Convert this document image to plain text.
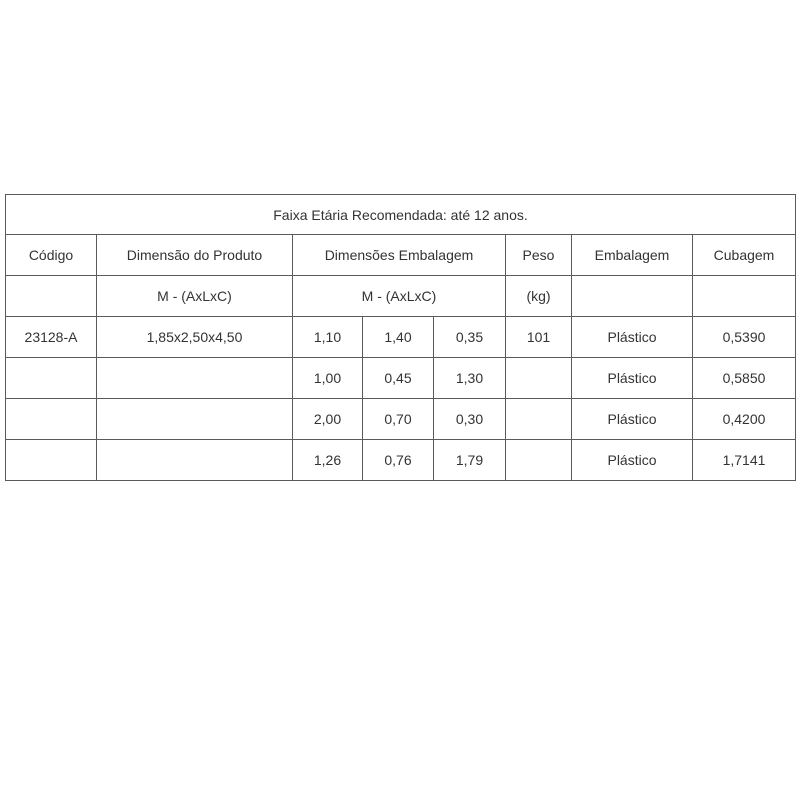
Faixa Etária Recomendada: até 12 anos.							
Código	Dimensão do Produto	Dimensões Embalagem			Peso	Embalagem	Cubagem
	M - (AxLxC)	M - (AxLxC)			(kg)		
23128-A	1,85x2,50x4,50	1,10	1,40	0,35	101	Plástico	0,5390
		1,00	0,45	1,30		Plástico	0,5850
		2,00	0,70	0,30		Plástico	0,4200
		1,26	0,76	1,79		Plástico	1,7141
